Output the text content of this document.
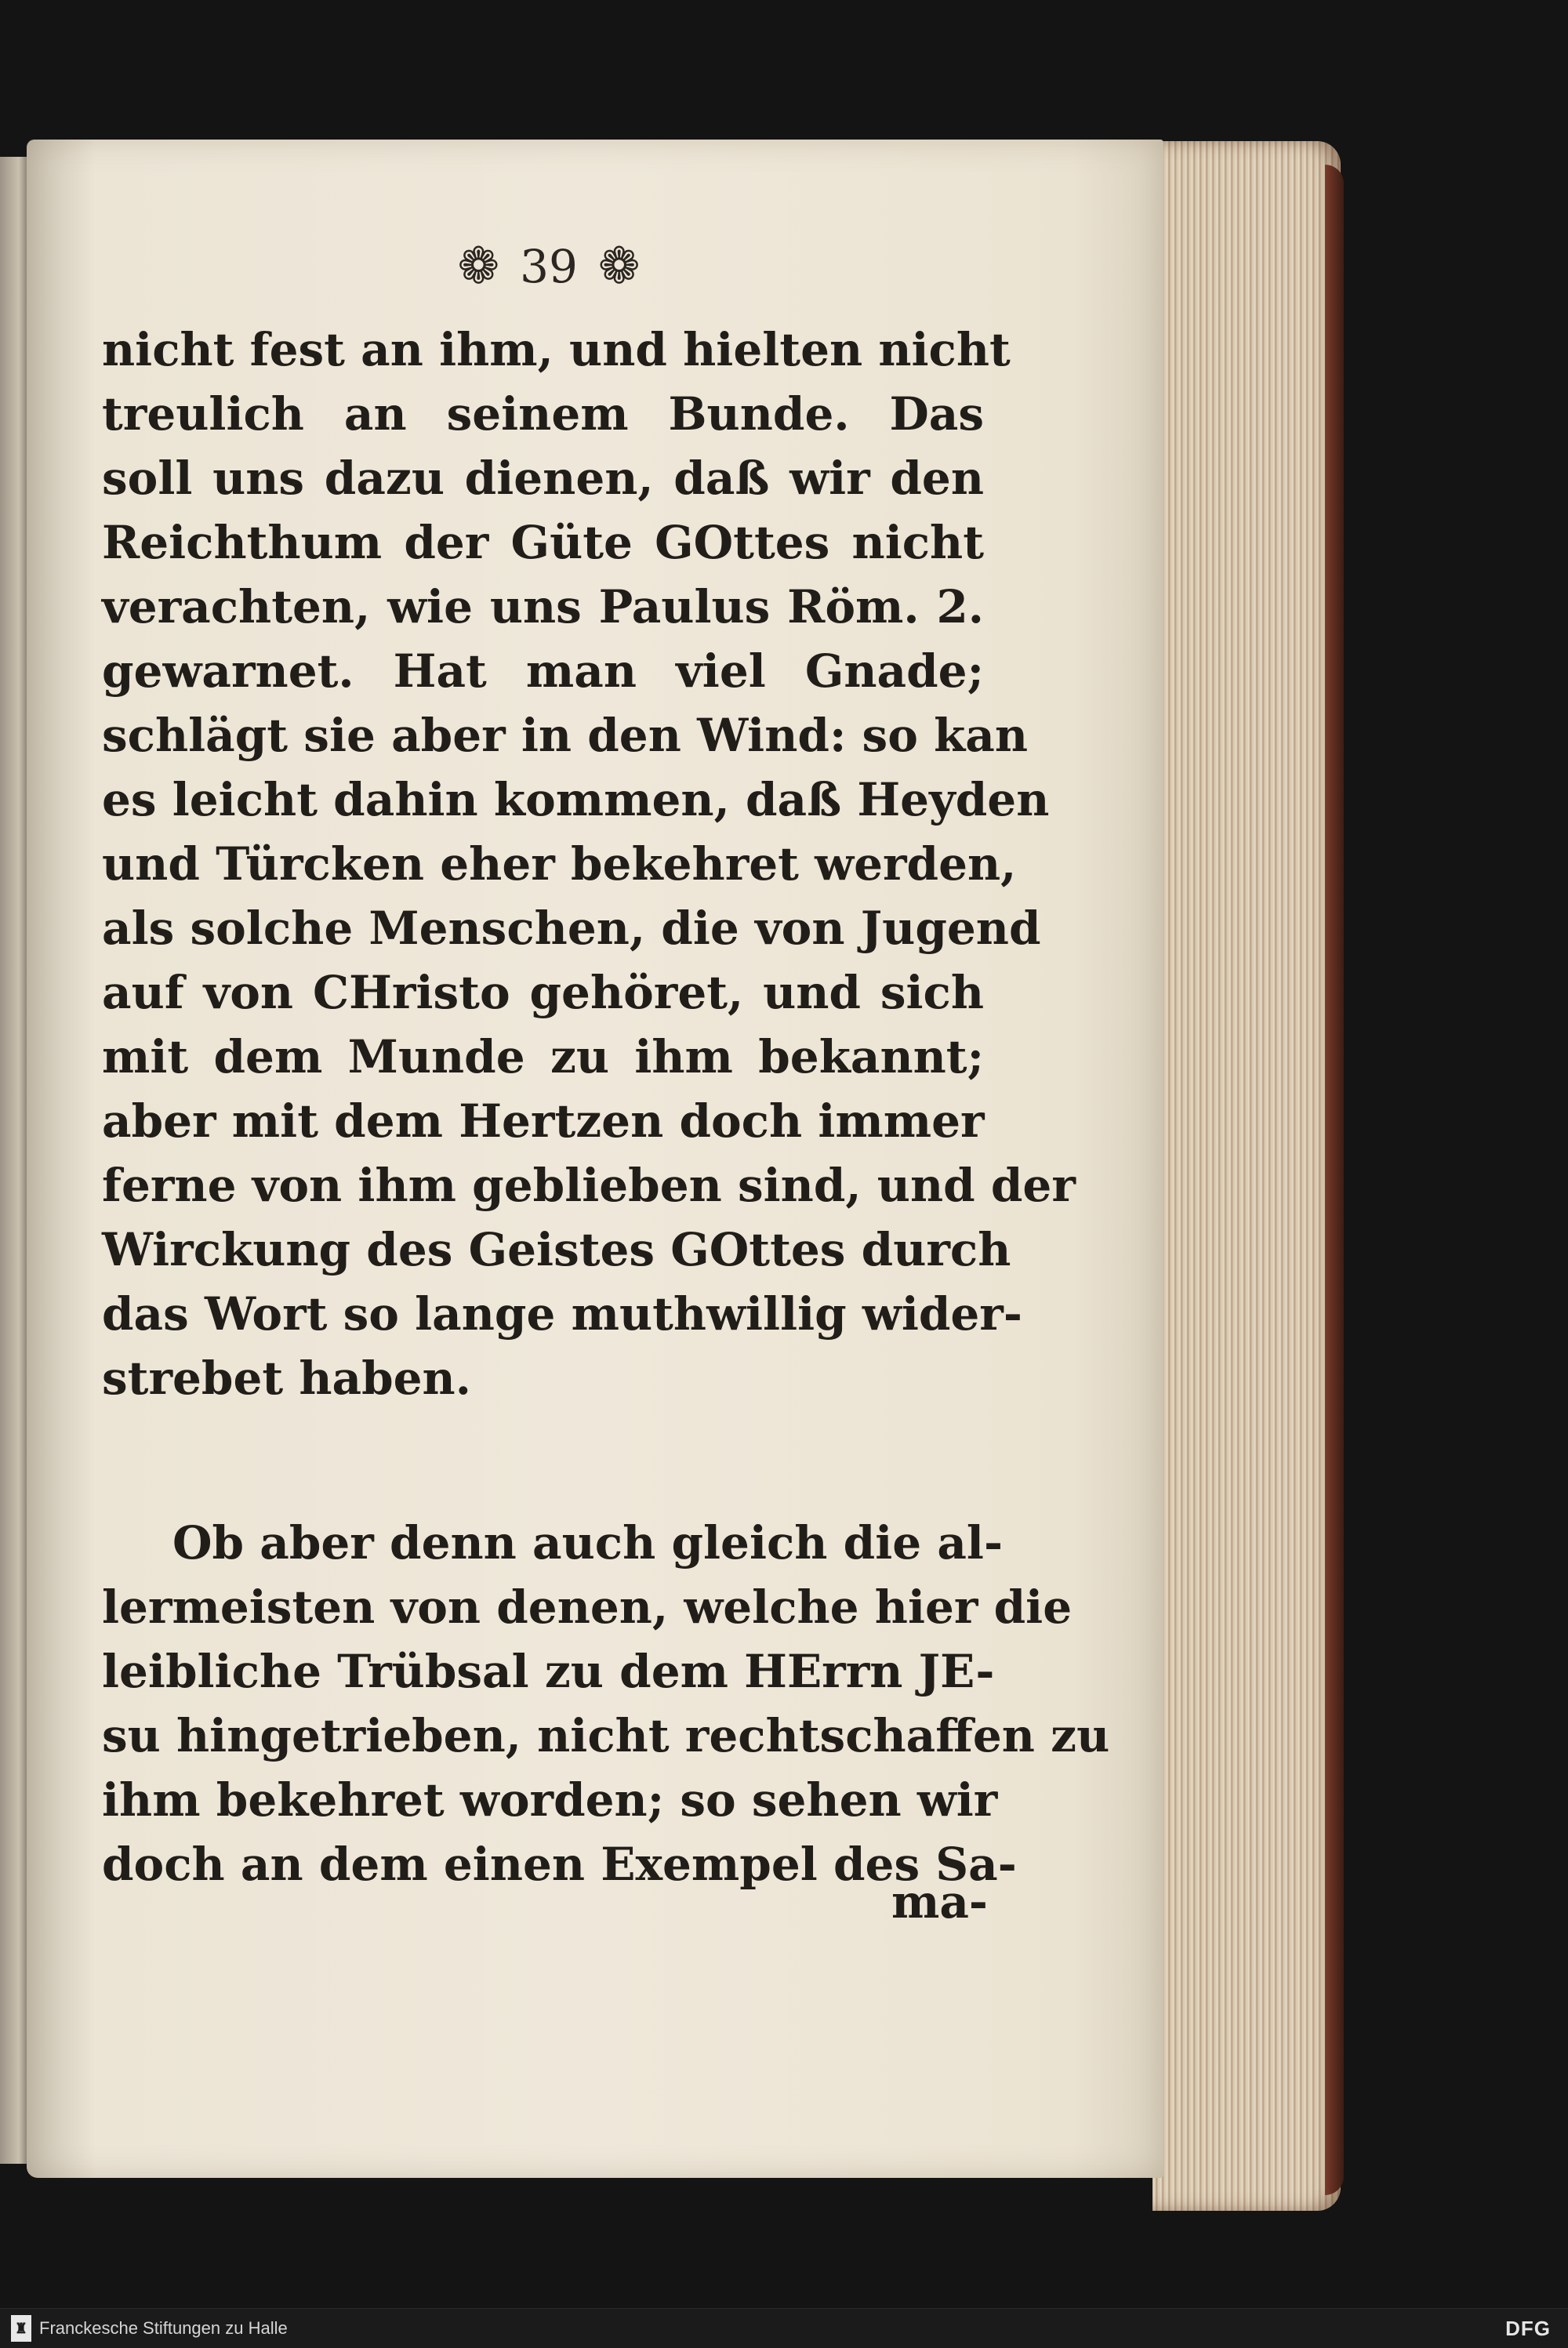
❁ 39 ❁
nicht fest an ihm, und hielten nicht
treulich an seinem Bunde. Das
soll uns dazu dienen, daß wir den
Reichthum der Güte GOttes nicht
verachten, wie uns Paulus Röm. 2.
gewarnet. Hat man viel Gnade;
schlägt sie aber in den Wind: so kan
es leicht dahin kommen, daß Heyden
und Türcken eher bekehret werden,
als solche Menschen, die von Jugend
auf von CHristo gehöret, und sich
mit dem Munde zu ihm bekannt;
aber mit dem Hertzen doch immer
ferne von ihm geblieben sind, und der
Wirckung des Geistes GOttes durch
das Wort so lange muthwillig wider-
strebet haben.
Ob aber denn auch gleich die al-
lermeisten von denen, welche hier die
leibliche Trübsal zu dem HErrn JE-
su hingetrieben, nicht rechtschaffen zu
ihm bekehret worden; so sehen wir
doch an dem einen Exempel des Sa-
ma-
♜ Franckesche Stiftungen zu Halle	DFG
